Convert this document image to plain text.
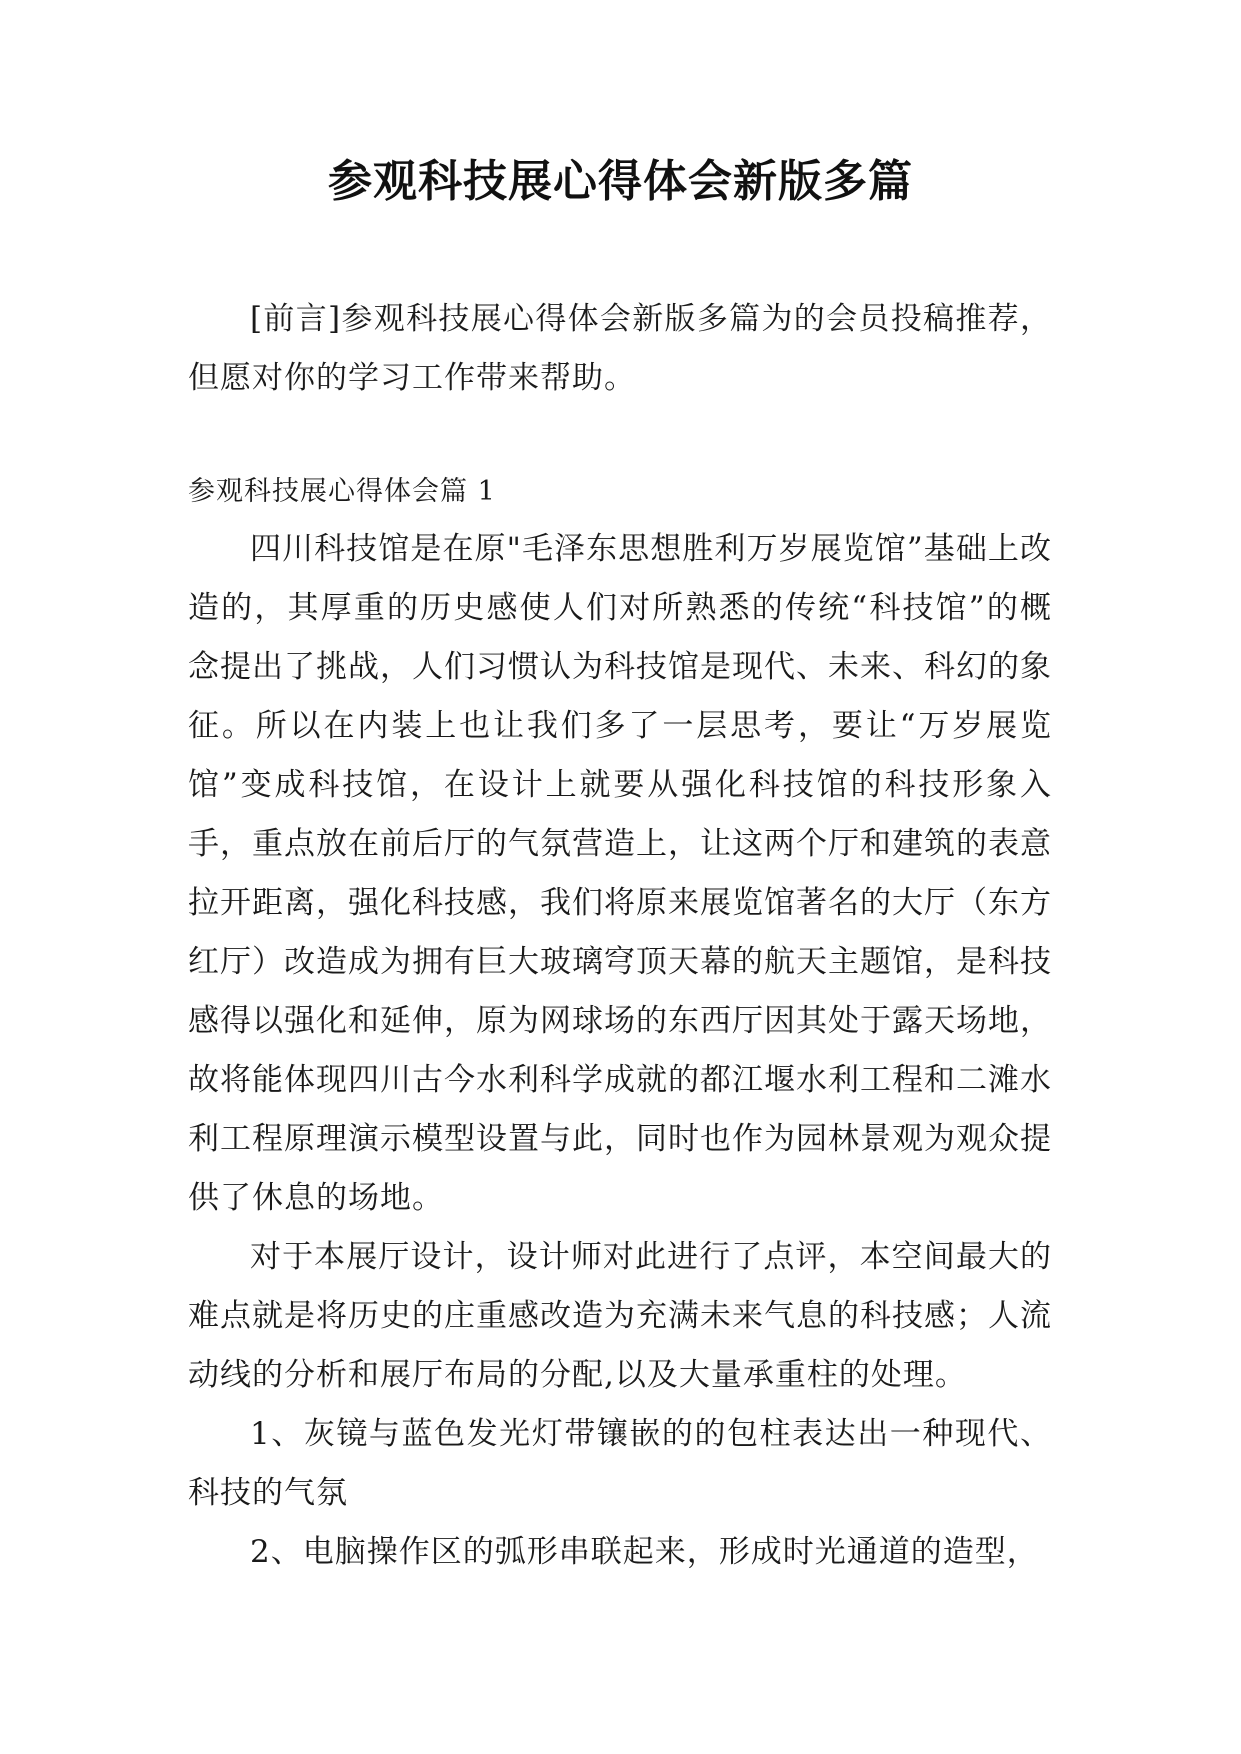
参观科技展心得体会新版多篇

[前言]参观科技展心得体会新版多篇为的会员投稿推荐，但愿对你的学习工作带来帮助。

参观科技展心得体会篇 1

四川科技馆是在原"毛泽东思想胜利万岁展览馆”基础上改造的，其厚重的历史感使人们对所熟悉的传统“科技馆”的概念提出了挑战，人们习惯认为科技馆是现代、未来、科幻的象征。所以在内装上也让我们多了一层思考，要让“万岁展览馆”变成科技馆，在设计上就要从强化科技馆的科技形象入手，重点放在前后厅的气氛营造上，让这两个厅和建筑的表意拉开距离，强化科技感，我们将原来展览馆著名的大厅（东方红厅）改造成为拥有巨大玻璃穹顶天幕的航天主题馆，是科技感得以强化和延伸，原为网球场的东西厅因其处于露天场地，故将能体现四川古今水利科学成就的都江堰水利工程和二滩水利工程原理演示模型设置与此，同时也作为园林景观为观众提供了休息的场地。

对于本展厅设计，设计师对此进行了点评，本空间最大的难点就是将历史的庄重感改造为充满未来气息的科技感；人流动线的分析和展厅布局的分配,以及大量承重柱的处理。

1、灰镜与蓝色发光灯带镶嵌的的包柱表达出一种现代、科技的气氛

2、电脑操作区的弧形串联起来，形成时光通道的造型，
